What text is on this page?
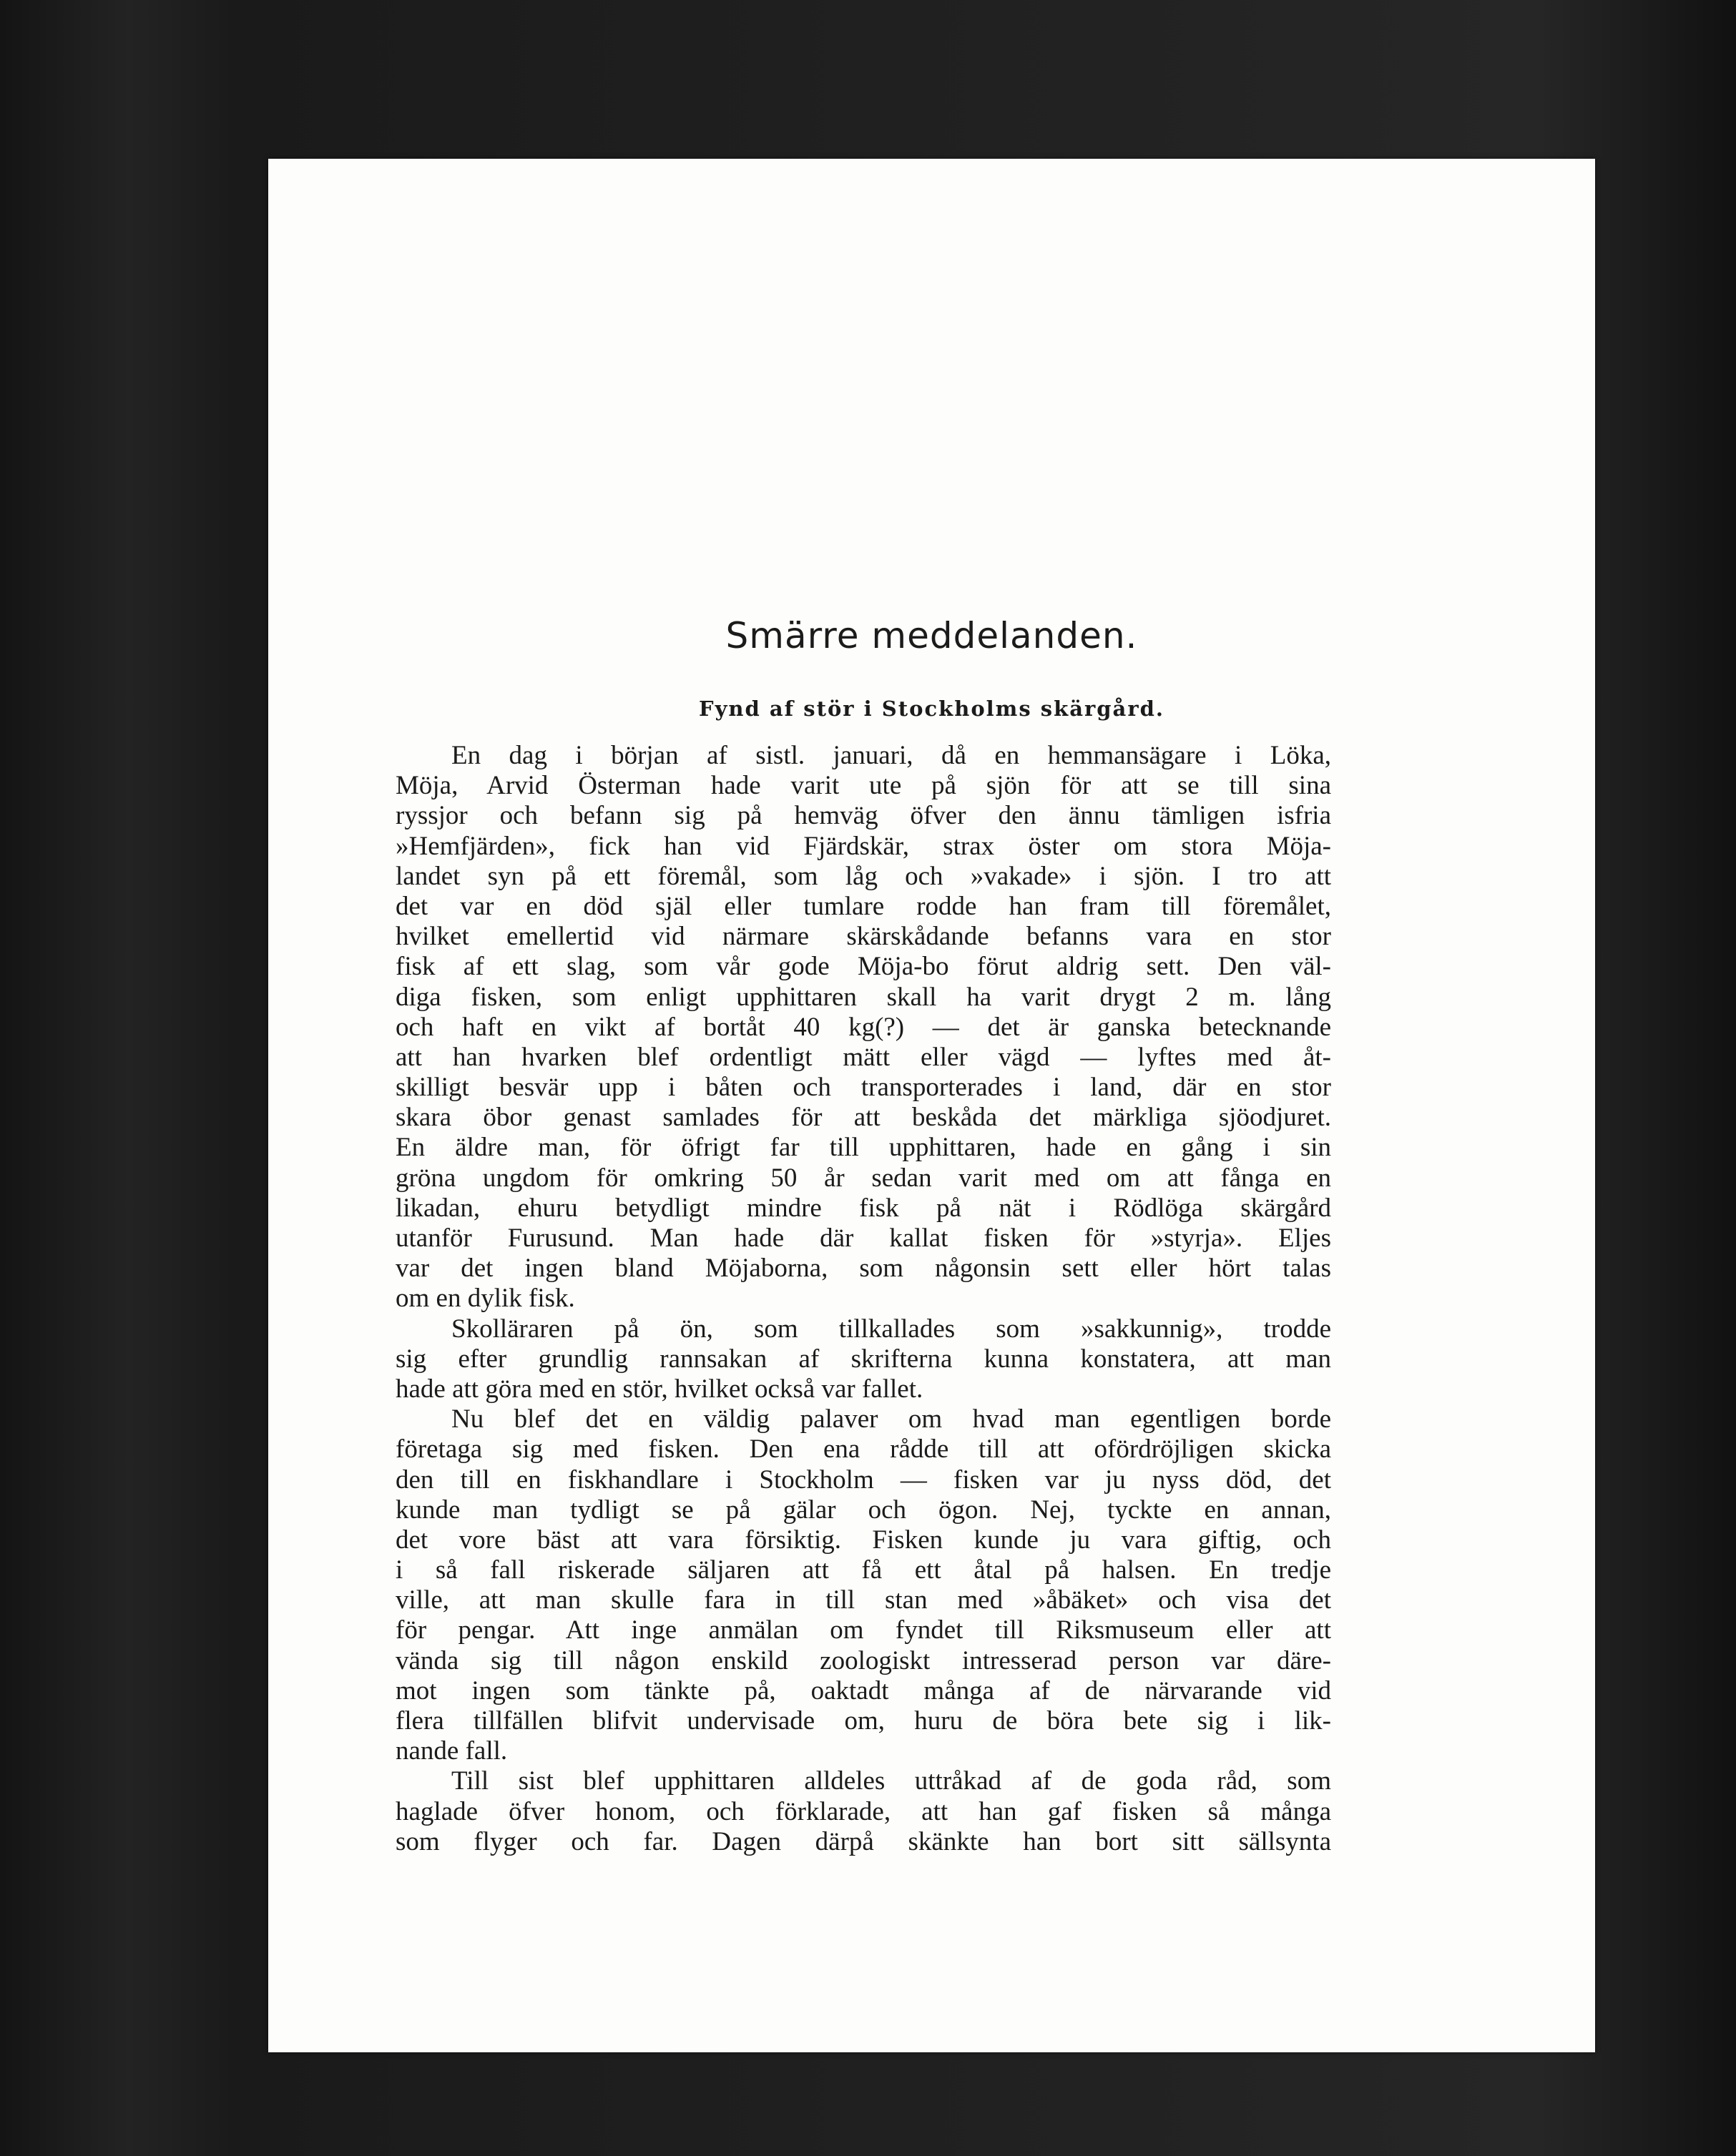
Smärre meddelanden.
Fynd af stör i Stockholms skärgård.
En dag i början af sistl. januari, då en hemmansägare i Löka,
Möja, Arvid Österman hade varit ute på sjön för att se till sina
ryssjor och befann sig på hemväg öfver den ännu tämligen isfria
»Hemfjärden», fick han vid Fjärdskär, strax öster om stora Möja-
landet syn på ett föremål, som låg och »vakade» i sjön. I tro att
det var en död själ eller tumlare rodde han fram till föremålet,
hvilket emellertid vid närmare skärskådande befanns vara en stor
fisk af ett slag, som vår gode Möja-bo förut aldrig sett. Den väl-
diga fisken, som enligt upphittaren skall ha varit drygt 2 m. lång
och haft en vikt af bortåt 40 kg(?) — det är ganska betecknande
att han hvarken blef ordentligt mätt eller vägd — lyftes med åt-
skilligt besvär upp i båten och transporterades i land, där en stor
skara öbor genast samlades för att beskåda det märkliga sjöodjuret.
En äldre man, för öfrigt far till upphittaren, hade en gång i sin
gröna ungdom för omkring 50 år sedan varit med om att fånga en
likadan, ehuru betydligt mindre fisk på nät i Rödlöga skärgård
utanför Furusund. Man hade där kallat fisken för »styrja». Eljes
var det ingen bland Möjaborna, som någonsin sett eller hört talas
om en dylik fisk.
Skolläraren på ön, som tillkallades som »sakkunnig», trodde
sig efter grundlig rannsakan af skrifterna kunna konstatera, att man
hade att göra med en stör, hvilket också var fallet.
Nu blef det en väldig palaver om hvad man egentligen borde
företaga sig med fisken. Den ena rådde till att ofördröjligen skicka
den till en fiskhandlare i Stockholm — fisken var ju nyss död, det
kunde man tydligt se på gälar och ögon. Nej, tyckte en annan,
det vore bäst att vara försiktig. Fisken kunde ju vara giftig, och
i så fall riskerade säljaren att få ett åtal på halsen. En tredje
ville, att man skulle fara in till stan med »åbäket» och visa det
för pengar. Att inge anmälan om fyndet till Riksmuseum eller att
vända sig till någon enskild zoologiskt intresserad person var däre-
mot ingen som tänkte på, oaktadt många af de närvarande vid
flera tillfällen blifvit undervisade om, huru de böra bete sig i lik-
nande fall.
Till sist blef upphittaren alldeles uttråkad af de goda råd, som
haglade öfver honom, och förklarade, att han gaf fisken så många
som flyger och far. Dagen därpå skänkte han bort sitt sällsynta
